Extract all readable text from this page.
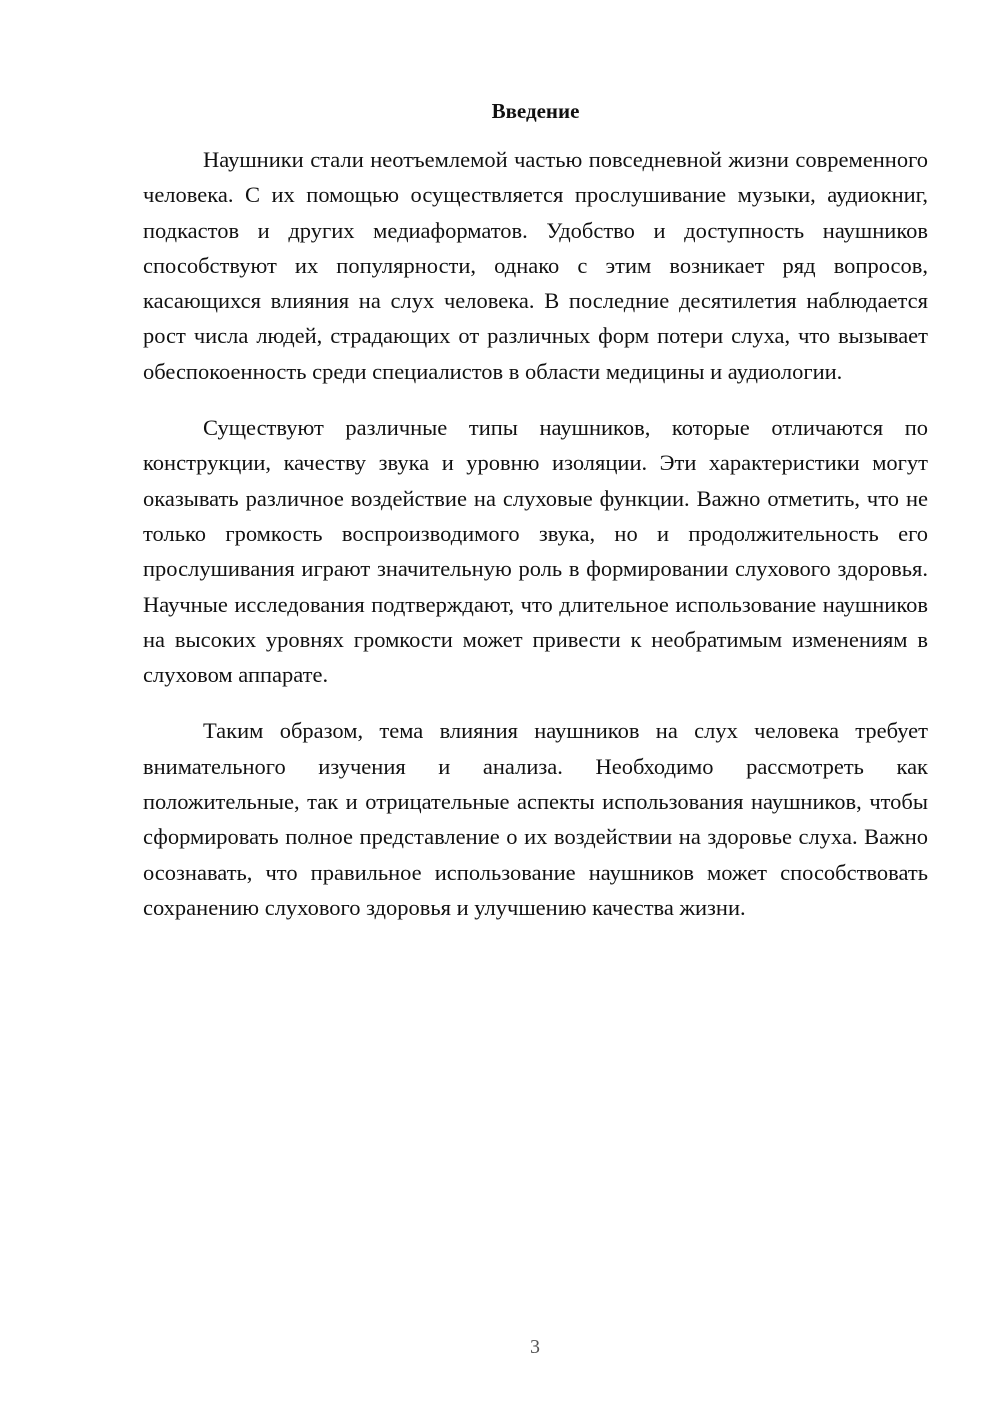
Введение

Наушники стали неотъемлемой частью повседневной жизни современного человека. С их помощью осуществляется прослушивание музыки, аудиокниг, подкастов и других медиаформатов. Удобство и доступность наушников способствуют их популярности, однако с этим возникает ряд вопросов, касающихся влияния на слух человека. В последние десятилетия наблюдается рост числа людей, страдающих от различных форм потери слуха, что вызывает обеспокоенность среди специалистов в области медицины и аудиологии.

Существуют различные типы наушников, которые отличаются по конструкции, качеству звука и уровню изоляции. Эти характеристики могут оказывать различное воздействие на слуховые функции. Важно отметить, что не только громкость воспроизводимого звука, но и продолжительность его прослушивания играют значительную роль в формировании слухового здоровья. Научные исследования подтверждают, что длительное использование наушников на высоких уровнях громкости может привести к необратимым изменениям в слуховом аппарате.

Таким образом, тема влияния наушников на слух человека требует внимательного изучения и анализа. Необходимо рассмотреть как положительные, так и отрицательные аспекты использования наушников, чтобы сформировать полное представление о их воздействии на здоровье слуха. Важно осознавать, что правильное использование наушников может способствовать сохранению слухового здоровья и улучшению качества жизни.

3
